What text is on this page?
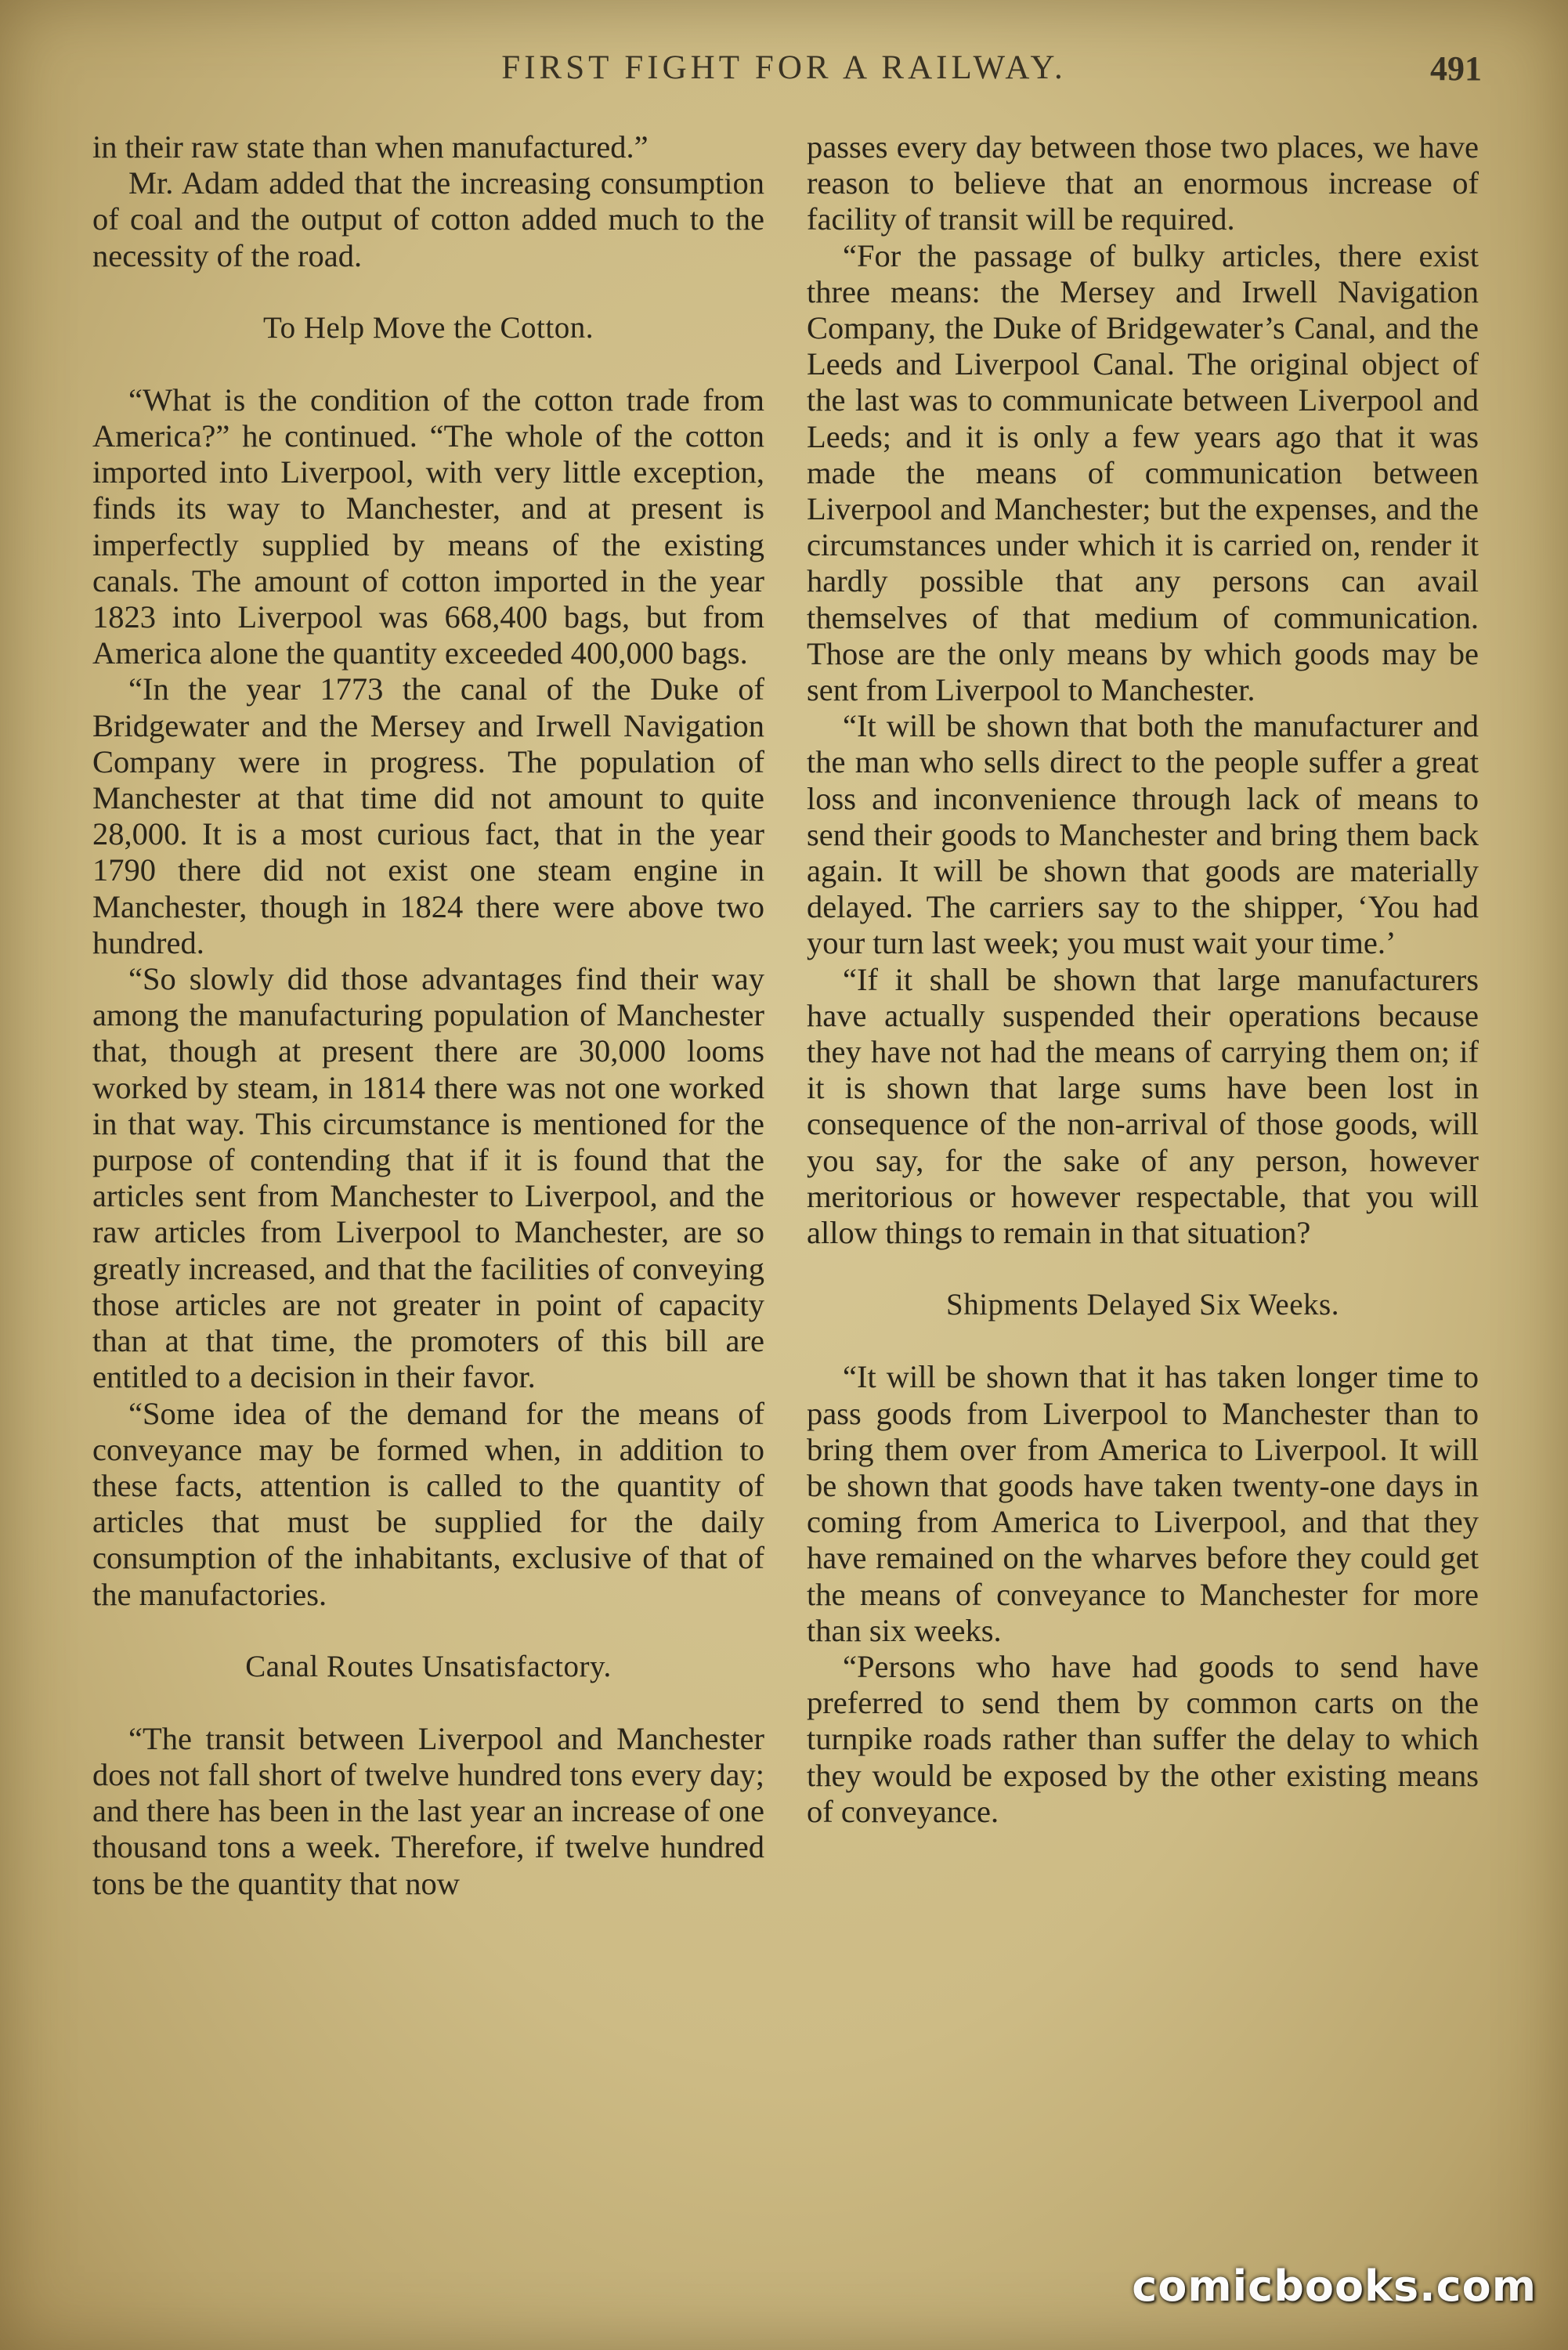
FIRST FIGHT FOR A RAILWAY.	491

in their raw state than when manufactured.”

Mr. Adam added that the increasing consumption of coal and the output of cotton added much to the necessity of the road.

To Help Move the Cotton.

“What is the condition of the cotton trade from America?” he continued. “The whole of the cotton imported into Liverpool, with very little exception, finds its way to Manchester, and at present is imperfectly supplied by means of the existing canals. The amount of cotton imported in the year 1823 into Liverpool was 668,400 bags, but from America alone the quantity exceeded 400,000 bags.

“In the year 1773 the canal of the Duke of Bridgewater and the Mersey and Irwell Navigation Company were in progress. The population of Manchester at that time did not amount to quite 28,000. It is a most curious fact, that in the year 1790 there did not exist one steam engine in Manchester, though in 1824 there were above two hundred.

“So slowly did those advantages find their way among the manufacturing population of Manchester that, though at present there are 30,000 looms worked by steam, in 1814 there was not one worked in that way. This circumstance is mentioned for the purpose of contending that if it is found that the articles sent from Manchester to Liverpool, and the raw articles from Liverpool to Manchester, are so greatly increased, and that the facilities of conveying those articles are not greater in point of capacity than at that time, the promoters of this bill are entitled to a decision in their favor.

“Some idea of the demand for the means of conveyance may be formed when, in addition to these facts, attention is called to the quantity of articles that must be supplied for the daily consumption of the inhabitants, exclusive of that of the manufactories.

Canal Routes Unsatisfactory.

“The transit between Liverpool and Manchester does not fall short of twelve hundred tons every day; and there has been in the last year an increase of one thousand tons a week. Therefore, if twelve hundred tons be the quantity that now

passes every day between those two places, we have reason to believe that an enormous increase of facility of transit will be required.

“For the passage of bulky articles, there exist three means: the Mersey and Irwell Navigation Company, the Duke of Bridgewater’s Canal, and the Leeds and Liverpool Canal. The original object of the last was to communicate between Liverpool and Leeds; and it is only a few years ago that it was made the means of communication between Liverpool and Manchester; but the expenses, and the circumstances under which it is carried on, render it hardly possible that any persons can avail themselves of that medium of communication. Those are the only means by which goods may be sent from Liverpool to Manchester.

“It will be shown that both the manufacturer and the man who sells direct to the people suffer a great loss and inconvenience through lack of means to send their goods to Manchester and bring them back again. It will be shown that goods are materially delayed. The carriers say to the shipper, ‘You had your turn last week; you must wait your time.’

“If it shall be shown that large manufacturers have actually suspended their operations because they have not had the means of carrying them on; if it is shown that large sums have been lost in consequence of the non-arrival of those goods, will you say, for the sake of any person, however meritorious or however respectable, that you will allow things to remain in that situation?

Shipments Delayed Six Weeks.

“It will be shown that it has taken longer time to pass goods from Liverpool to Manchester than to bring them over from America to Liverpool. It will be shown that goods have taken twenty-one days in coming from America to Liverpool, and that they have remained on the wharves before they could get the means of conveyance to Manchester for more than six weeks.

“Persons who have had goods to send have preferred to send them by common carts on the turnpike roads rather than suffer the delay to which they would be exposed by the other existing means of conveyance.

comicbooks.com
